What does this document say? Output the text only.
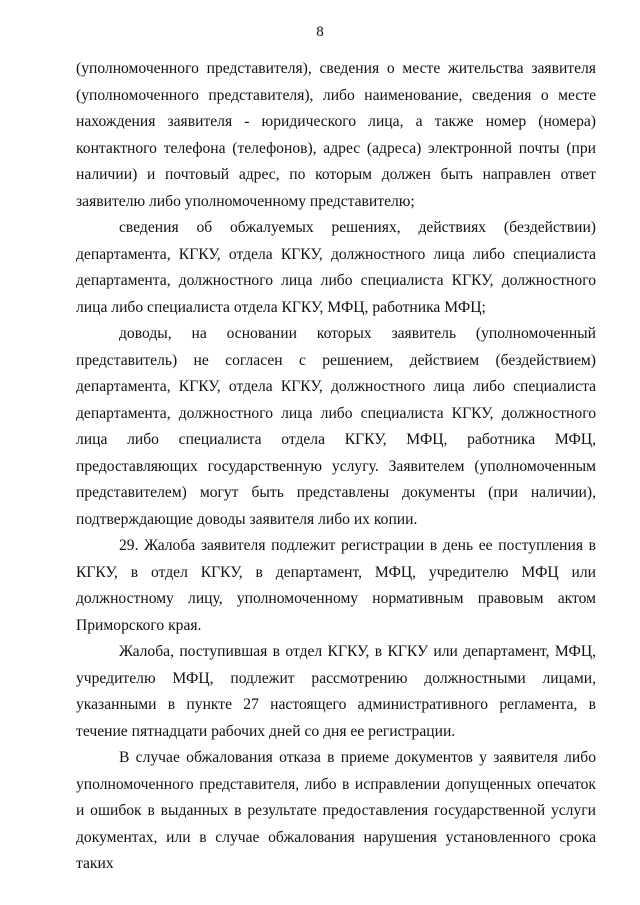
8

(уполномоченного представителя), сведения о месте жительства заявителя (уполномоченного представителя), либо наименование, сведения о месте нахождения заявителя - юридического лица, а также номер (номера) контактного телефона (телефонов), адрес (адреса) электронной почты (при наличии) и почтовый адрес, по которым должен быть направлен ответ заявителю либо уполномоченному представителю;

сведения об обжалуемых решениях, действиях (бездействии) департамента, КГКУ, отдела КГКУ, должностного лица либо специалиста департамента, должностного лица либо специалиста КГКУ, должностного лица либо специалиста отдела КГКУ, МФЦ, работника МФЦ;

доводы, на основании которых заявитель (уполномоченный представитель) не согласен с решением, действием (бездействием) департамента, КГКУ, отдела КГКУ, должностного лица либо специалиста департамента, должностного лица либо специалиста КГКУ, должностного лица либо специалиста отдела КГКУ, МФЦ, работника МФЦ, предоставляющих государственную услугу. Заявителем (уполномоченным представителем) могут быть представлены документы (при наличии), подтверждающие доводы заявителя либо их копии.

29. Жалоба заявителя подлежит регистрации в день ее поступления в КГКУ, в отдел КГКУ, в департамент, МФЦ, учредителю МФЦ или должностному лицу, уполномоченному нормативным правовым актом Приморского края.

Жалоба, поступившая в отдел КГКУ, в КГКУ или департамент, МФЦ, учредителю МФЦ, подлежит рассмотрению должностными лицами, указанными в пункте 27 настоящего административного регламента, в течение пятнадцати рабочих дней со дня ее регистрации.

В случае обжалования отказа в приеме документов у заявителя либо уполномоченного представителя, либо в исправлении допущенных опечаток и ошибок в выданных в результате предоставления государственной услуги документах, или в случае обжалования нарушения установленного срока таких
